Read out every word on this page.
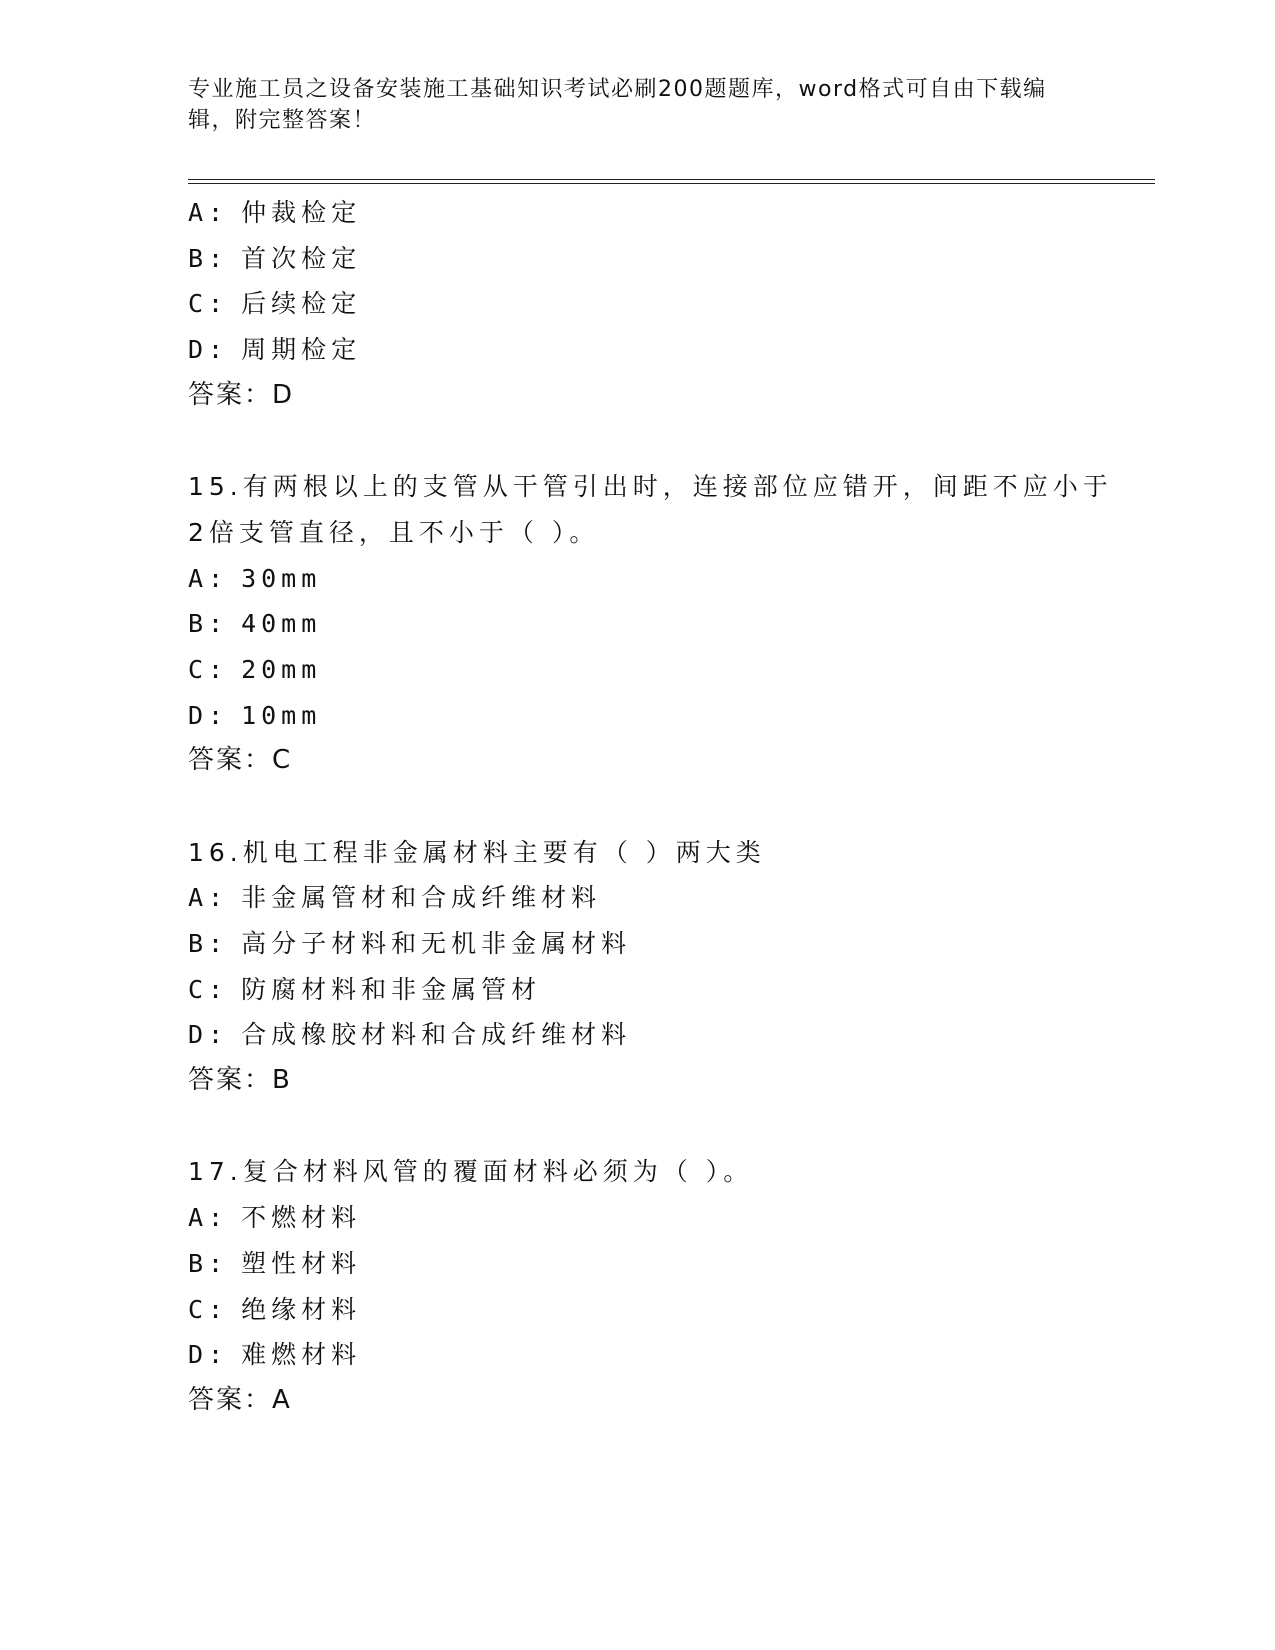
专业施工员之设备安装施工基础知识考试必刷200题题库，word格式可自由下载编辑，附完整答案！
A: 仲裁检定
B: 首次检定
C: 后续检定
D: 周期检定
答案：D
15.有两根以上的支管从干管引出时，连接部位应错开，间距不应小于
2倍支管直径，且不小于（ ）。
A: 30mm
B: 40mm
C: 20mm
D: 10mm
答案：C
16.机电工程非金属材料主要有（ ）两大类
A: 非金属管材和合成纤维材料
B: 高分子材料和无机非金属材料
C: 防腐材料和非金属管材
D: 合成橡胶材料和合成纤维材料
答案：B
17.复合材料风管的覆面材料必须为（ ）。
A: 不燃材料
B: 塑性材料
C: 绝缘材料
D: 难燃材料
答案：A
